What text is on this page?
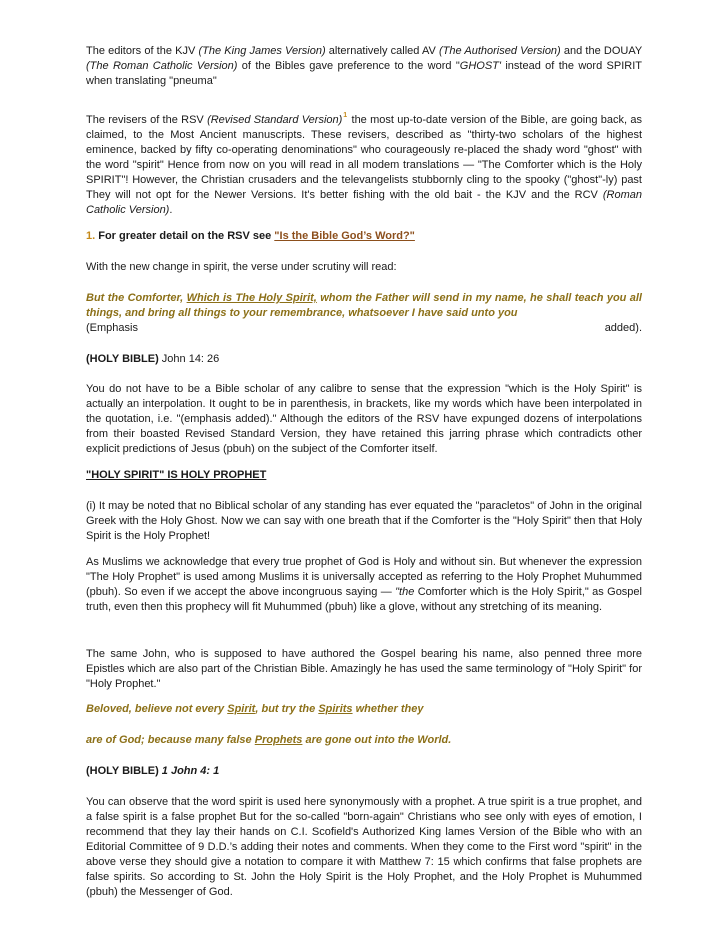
The editors of the KJV (The King James Version) alternatively called AV (The Authorised Version) and the DOUAY (The Roman Catholic Version) of the Bibles gave preference to the word "GHOST' instead of the word SPIRIT when translating "pneuma"

The revisers of the RSV (Revised Standard Version)$^1$ the most up-to-date version of the Bible, are going back, as claimed, to the Most Ancient manuscripts. These revisers, described as "thirty-two scholars of the highest eminence, backed by fifty co-operating denominations" who courageously re-placed the shady word "ghost" with the word "spirit" Hence from now on you will read in all modem translations — "The Comforter which is the Holy SPIRIT"! However, the Christian crusaders and the televangelists stubbornly cling to the spooky ("ghost"-ly) past They will not opt for the Newer Versions. It's better fishing with the old bait - the KJV and the RCV (Roman Catholic Version).

1. For greater detail on the RSV see "Is the Bible God’s Word?"

With the new change in spirit, the verse under scrutiny will read:

But the Comforter, Which is The Holy Spirit, whom the Father will send in my name, he shall teach you all things, and bring all things to your remembrance, whatsoever I have said unto you

(Emphasis	added).

(HOLY BIBLE) John 14: 26

You do not have to be a Bible scholar of any calibre to sense that the expression "which is the Holy Spirit" is actually an interpolation. It ought to be in parenthesis, in brackets, like my words which have been interpolated in the quotation, i.e. "(emphasis added)." Although the editors of the RSV have expunged dozens of interpolations from their boasted Revised Standard Version, they have retained this jarring phrase which contradicts other explicit predictions of Jesus (pbuh) on the subject of the Comforter itself.

"HOLY SPIRIT" IS HOLY PROPHET

(i) It may be noted that no Biblical scholar of any standing has ever equated the "paracletos" of John in the original Greek with the Holy Ghost. Now we can say with one breath that if the Comforter is the "Holy Spirit" then that Holy Spirit is the Holy Prophet!

As Muslims we acknowledge that every true prophet of God is Holy and without sin. But whenever the expression "The Holy Prophet" is used among Muslims it is universally accepted as referring to the Holy Prophet Muhummed (pbuh). So even if we accept the above incongruous saying — "the Comforter which is the Holy Spirit," as Gospel truth, even then this prophecy will fit Muhummed (pbuh) like a glove, without any stretching of its meaning.

The same John, who is supposed to have authored the Gospel bearing his name, also penned three more Epistles which are also part of the Christian Bible. Amazingly he has used the same terminology of "Holy Spirit" for "Holy Prophet."

Beloved, believe not every Spirit, but try the Spirits whether they

are of God; because many false Prophets are gone out into the World.

(HOLY BIBLE) 1 John 4: 1

You can observe that the word spirit is used here synonymously with a prophet. A true spirit is a true prophet, and a false spirit is a false prophet But for the so-called "born-again" Christians who see only with eyes of emotion, I recommend that they lay their hands on C.I. Scofield's Authorized King lames Version of the Bible who with an Editorial Committee of 9 D.D.’s adding their notes and comments. When they come to the First word "spirit" in the above verse they should give a notation to compare it with Matthew 7: 15 which confirms that false prophets are false spirits. So according to St. John the Holy Spirit is the Holy Prophet, and the Holy Prophet is Muhummed (pbuh) the Messenger of God.
